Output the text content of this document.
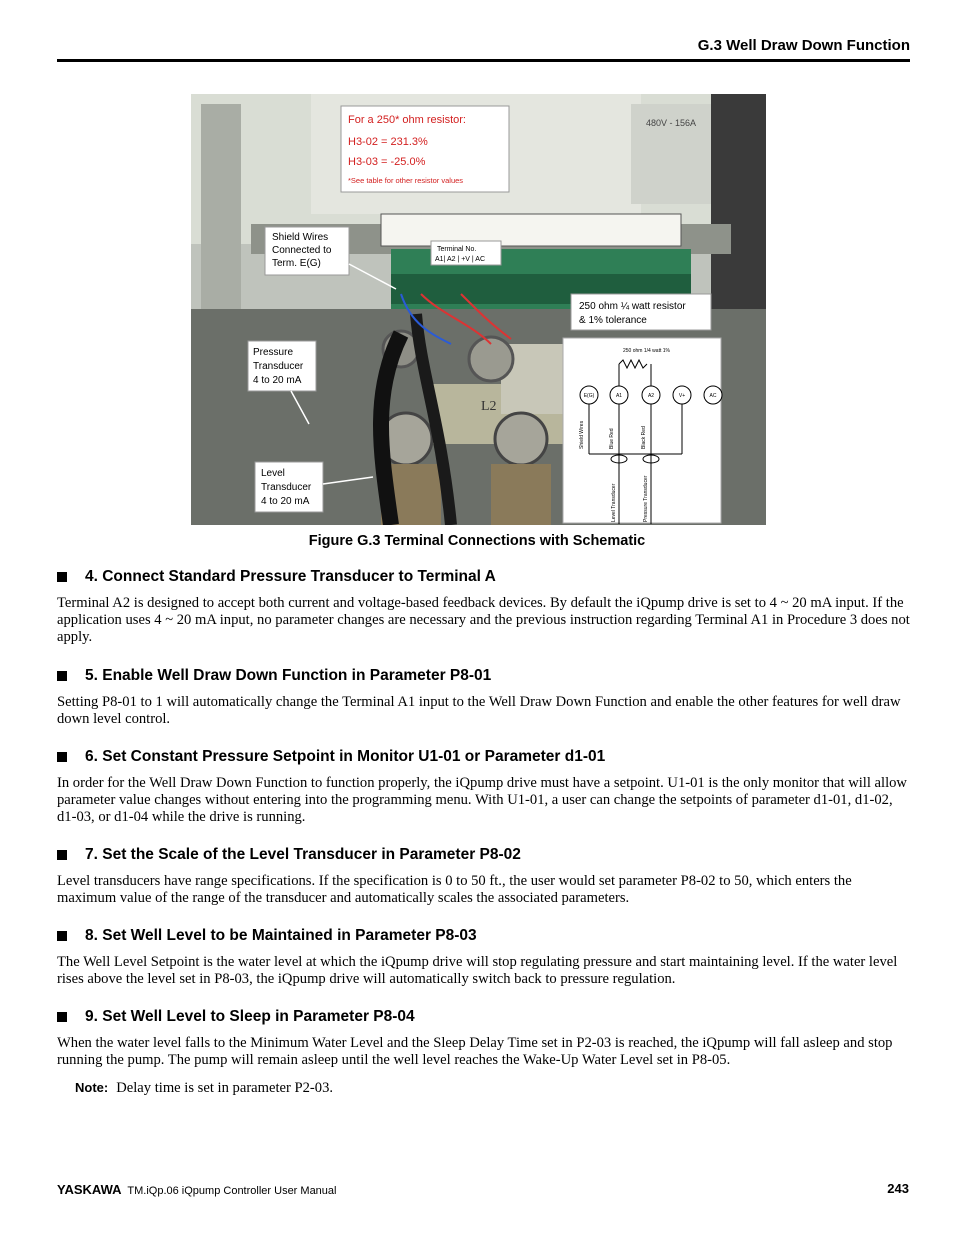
G.3 Well Draw Down Function
For a 250* ohm resistor:
H3-02 = 231.3%
H3-03 = -25.0%
*See table for other resistor values
480V - 156A
Shield Wires
Connected to
Term. E(G)
Terminal No.
A1| A2 | +V | AC
250 ohm ¼ watt resistor
& 1% tolerance
Pressure
Transducer
4 to 20 mA
Level
Transducer
4 to 20 mA
L2
250 ohm 1/4 watt 1%
E(G)	A1	A2	V+	AC
Shield Wires	Blue Red	Black Red
Level Transducer	Pressure Transducer
Figure G.3 Terminal Connections with Schematic
4. Connect Standard Pressure Transducer to Terminal A
Terminal A2 is designed to accept both current and voltage-based feedback devices. By default the iQpump drive is set to 4 ~ 20 mA input. If the application uses 4 ~ 20 mA input, no parameter changes are necessary and the previous instruction regarding Terminal A1 in Procedure 3 does not apply.
5. Enable Well Draw Down Function in Parameter P8-01
Setting P8-01 to 1 will automatically change the Terminal A1 input to the Well Draw Down Function and enable the other features for well draw down level control.
6. Set Constant Pressure Setpoint in Monitor U1-01 or Parameter d1-01
In order for the Well Draw Down Function to function properly, the iQpump drive must have a setpoint. U1-01 is the only monitor that will allow parameter value changes without entering into the programming menu. With U1-01, a user can change the setpoints of parameter d1-01, d1-02, d1-03, or d1-04 while the drive is running.
7. Set the Scale of the Level Transducer in Parameter P8-02
Level transducers have range specifications. If the specification is 0 to 50 ft., the user would set parameter P8-02 to 50, which enters the maximum value of the range of the transducer and automatically scales the associated parameters.
8. Set Well Level to be Maintained in Parameter P8-03
The Well Level Setpoint is the water level at which the iQpump drive will stop regulating pressure and start maintaining level. If the water level rises above the level set in P8-03, the iQpump drive will automatically switch back to pressure regulation.
9. Set Well Level to Sleep in Parameter P8-04
When the water level falls to the Minimum Water Level and the Sleep Delay Time set in P2-03 is reached, the iQpump will fall asleep and stop running the pump. The pump will remain asleep until the well level reaches the Wake-Up Water Level set in P8-05.
Note: Delay time is set in parameter P2-03.
YASKAWA TM.iQp.06 iQpump Controller User Manual	243
